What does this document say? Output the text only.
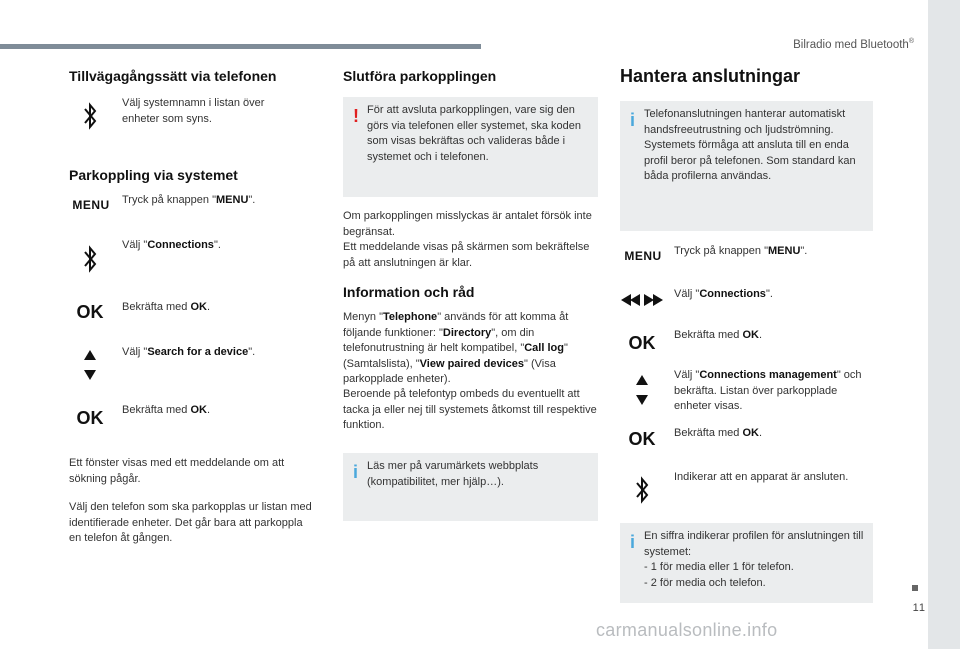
Bilradio med Bluetooth®
11
Tillvägagångssätt via telefonen
Välj systemnamn i listan över enheter som syns.
Parkoppling via systemet
MENU	Tryck på knappen "MENU".
Välj "Connections".
OK	Bekräfta med OK.
Välj "Search for a device".
OK	Bekräfta med OK.
Ett fönster visas med ett meddelande om att sökning pågår.
Välj den telefon som ska parkopplas ur listan med identifierade enheter. Det går bara att parkoppla en telefon åt gången.
Slutföra parkopplingen
! För att avsluta parkopplingen, vare sig den görs via telefonen eller systemet, ska koden som visas bekräftas och valideras både i systemet och i telefonen.
Om parkopplingen misslyckas är antalet försök inte begränsat.
Ett meddelande visas på skärmen som bekräftelse på att anslutningen är klar.
Information och råd
Menyn "Telephone" används för att komma åt följande funktioner: "Directory", om din telefonutrustning är helt kompatibel, "Call log" (Samtalslista), "View paired devices" (Visa parkopplade enheter).
Beroende på telefontyp ombeds du eventuellt att tacka ja eller nej till systemets åtkomst till respektive funktion.
i Läs mer på varumärkets webbplats (kompatibilitet, mer hjälp…).
Hantera anslutningar
i Telefonanslutningen hanterar automatiskt handsfreeutrustning och ljudströmning. Systemets förmåga att ansluta till en enda profil beror på telefonen. Som standard kan båda profilerna användas.
MENU	Tryck på knappen "MENU".
Välj "Connections".
OK	Bekräfta med OK.
Välj "Connections management" och bekräfta. Listan över parkopplade enheter visas.
OK	Bekräfta med OK.
Indikerar att en apparat är ansluten.
i En siffra indikerar profilen för anslutningen till systemet:
- 1 för media eller 1 för telefon.
- 2 för media och telefon.
carmanualsonline.info
